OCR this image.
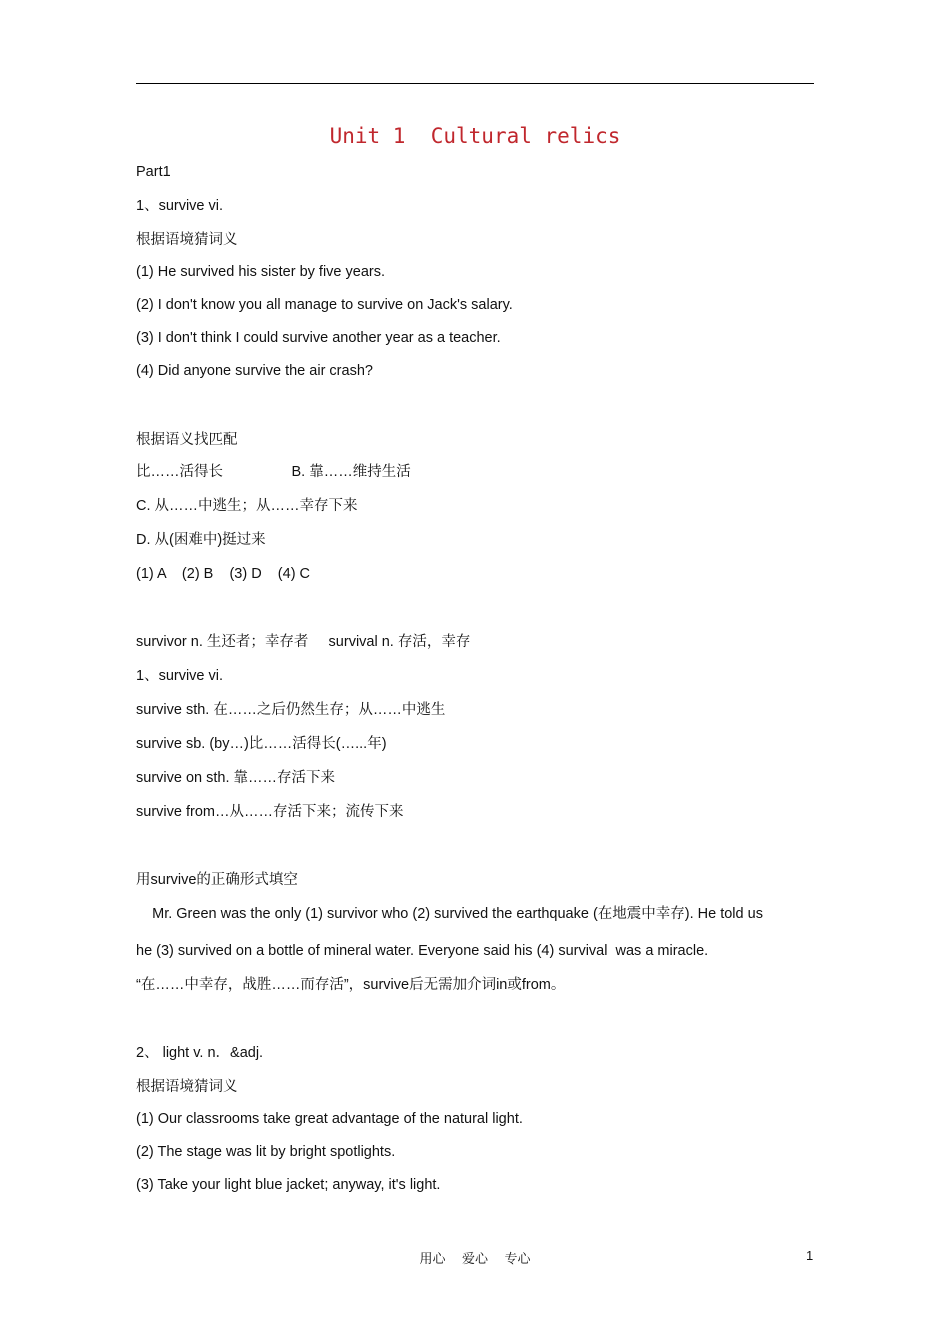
Unit 1  Cultural relics
Part1
1、survive vi.
根据语境猜词义
(1) He survived his sister by five years.
(2) I don't know you all manage to survive on Jack's salary.
(3) I don't think I could survive another year as a teacher.
(4) Did anyone survive the air crash?
根据语义找匹配
比……活得长                 B. 靠……维持生活
C. 从……中逃生；从……幸存下来
D. 从(困难中)挺过来
(1) A    (2) B    (3) D    (4) C
survivor n. 生还者；幸存者     survival n. 存活，幸存
1、survive vi.
survive sth. 在……之后仍然生存；从……中逃生
survive sb. (by…)比……活得长(…...年)
survive on sth. 靠……存活下来
survive from…从……存活下来；流传下来
用survive的正确形式填空
Mr. Green was the only (1) survivor who (2) survived the earthquake (在地震中幸存). He told us
he (3) survived on a bottle of mineral water. Everyone said his (4) survival  was a miracle.
“在……中幸存，战胜……而存活”，survive后无需加介词in或from。
2、 light v. n．&adj.
根据语境猜词义
(1) Our classrooms take great advantage of the natural light.
(2) The stage was lit by bright spotlights.
(3) Take your light blue jacket; anyway, it's light.
用心    爱心    专心	1
